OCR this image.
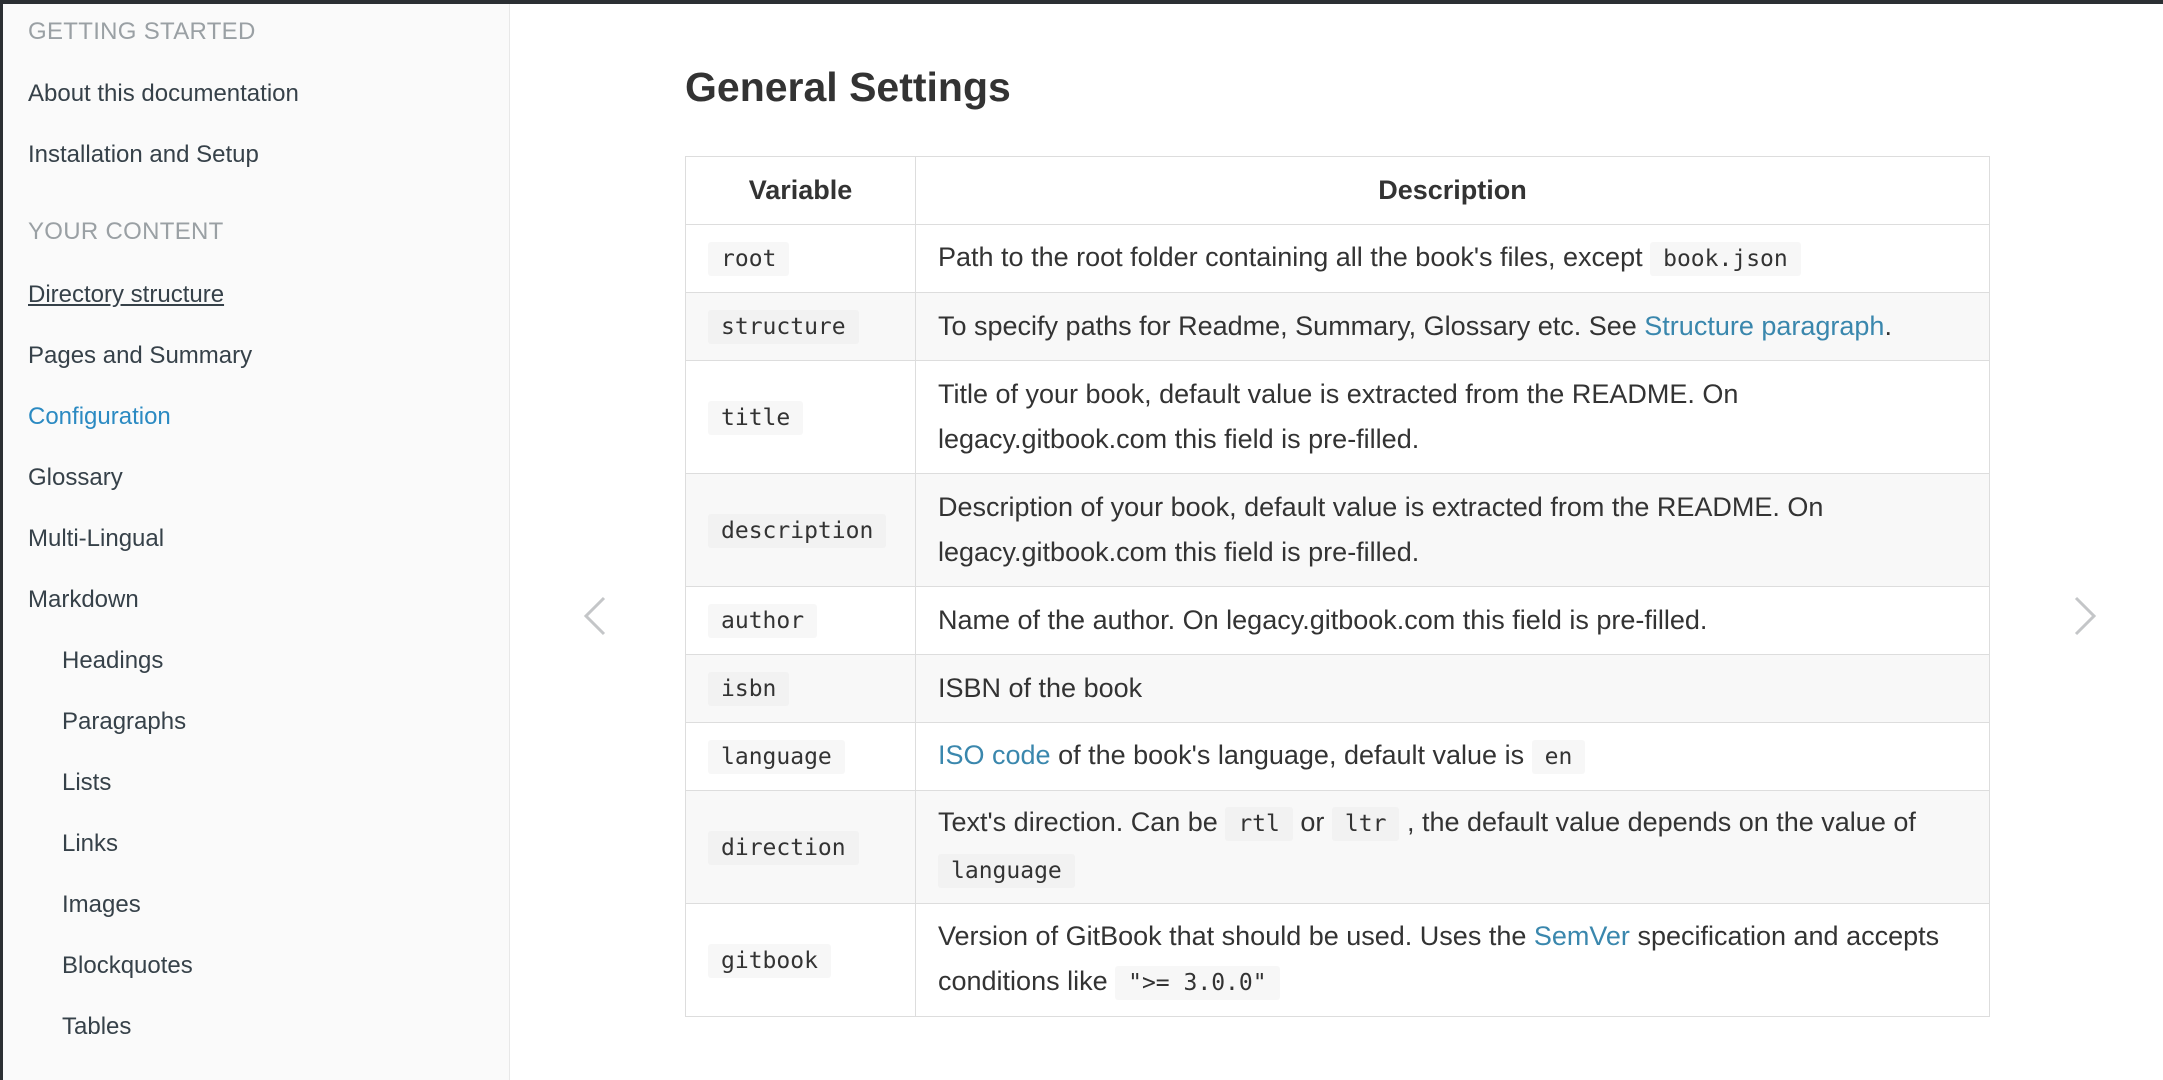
GETTING STARTED
About this documentation
Installation and Setup
YOUR CONTENT
Directory structure
Pages and Summary
Configuration
Glossary
Multi-Lingual
Markdown
Headings
Paragraphs
Lists
Links
Images
Blockquotes
Tables
General Settings
Variable	Description
root	Path to the root folder containing all the book's files, except book.json
structure	To specify paths for Readme, Summary, Glossary etc. See Structure paragraph.
title	Title of your book, default value is extracted from the README. On legacy.gitbook.com this field is pre-filled.
description	Description of your book, default value is extracted from the README. On legacy.gitbook.com this field is pre-filled.
author	Name of the author. On legacy.gitbook.com this field is pre-filled.
isbn	ISBN of the book
language	ISO code of the book's language, default value is en
direction	Text's direction. Can be rtl or ltr , the default value depends on the value of language
gitbook	Version of GitBook that should be used. Uses the SemVer specification and accepts conditions like ">= 3.0.0"
